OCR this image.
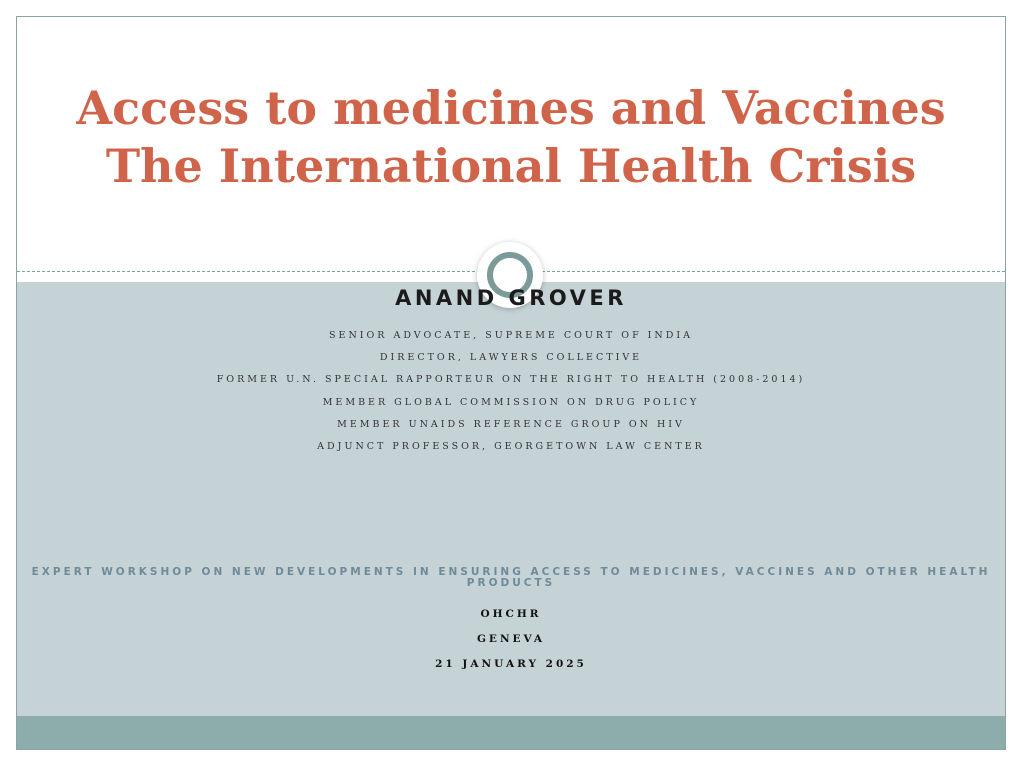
Access to medicines and Vaccines
The International Health Crisis
ANAND GROVER
SENIOR ADVOCATE, SUPREME COURT OF INDIA
DIRECTOR, LAWYERS COLLECTIVE
FORMER U.N. SPECIAL RAPPORTEUR ON THE RIGHT TO HEALTH (2008-2014)
MEMBER GLOBAL COMMISSION ON DRUG POLICY
MEMBER UNAIDS REFERENCE GROUP ON HIV
ADJUNCT PROFESSOR, GEORGETOWN LAW CENTER
EXPERT WORKSHOP ON NEW DEVELOPMENTS IN ENSURING ACCESS TO MEDICINES, VACCINES AND OTHER HEALTH PRODUCTS
OHCHR
GENEVA
21 JANUARY 2025
